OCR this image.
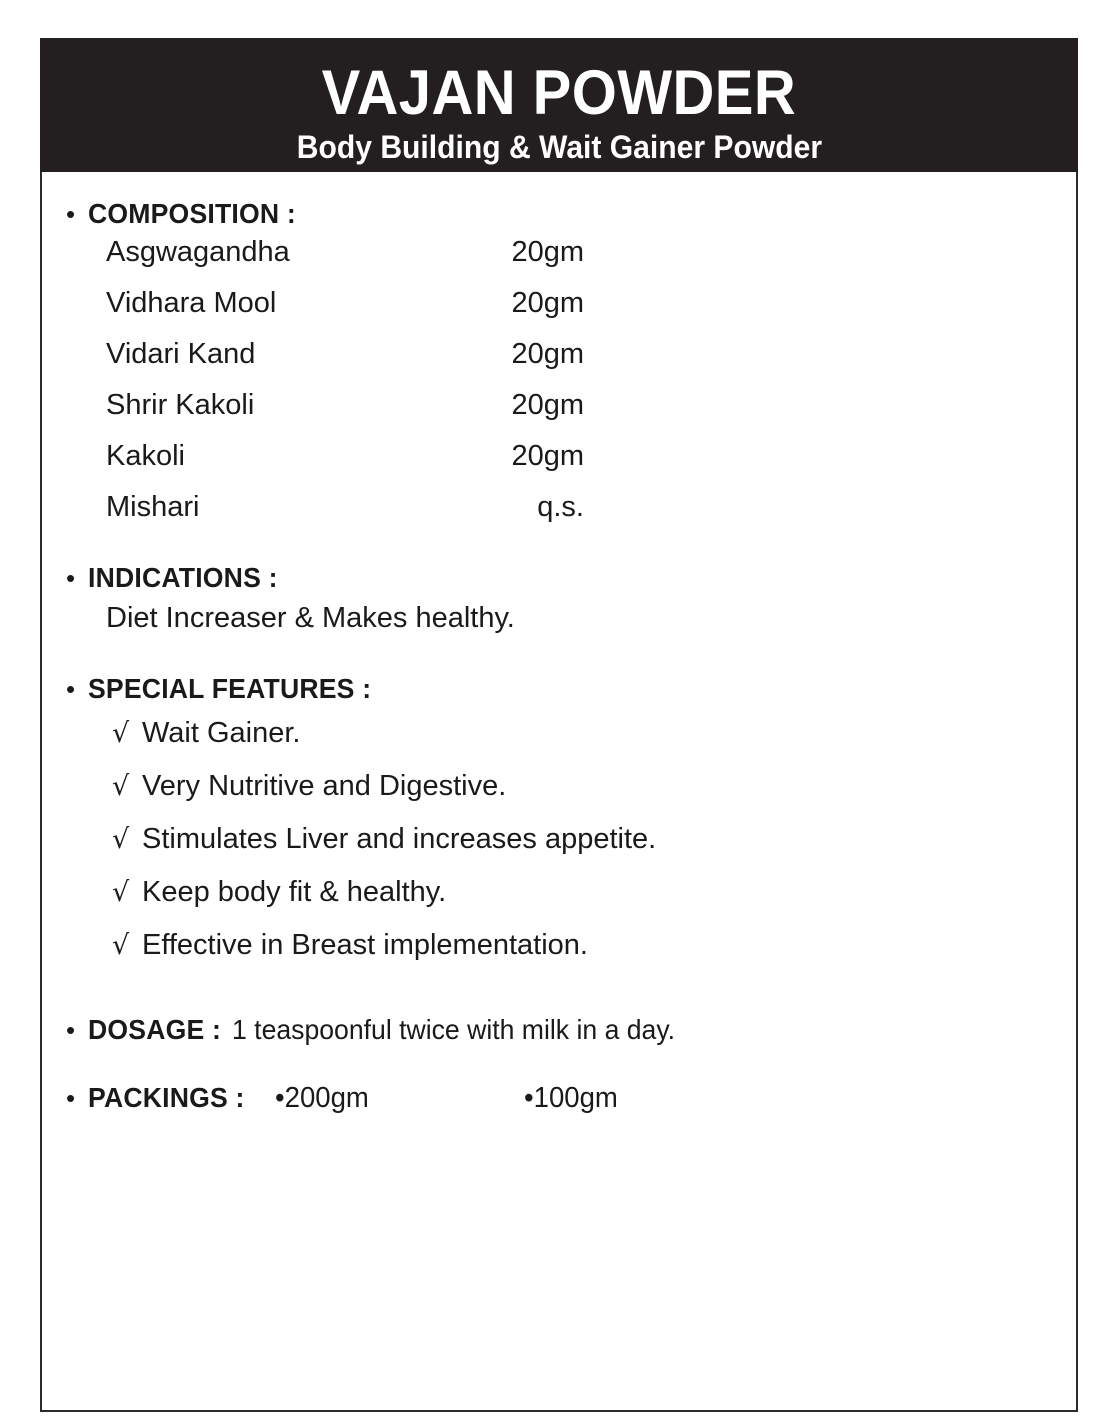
VAJAN POWDER
Body Building & Wait Gainer Powder
• COMPOSITION :
Asgwagandha	20gm
Vidhara Mool	20gm
Vidari Kand	20gm
Shrir Kakoli	20gm
Kakoli	20gm
Mishari	q.s.
• INDICATIONS :
Diet Increaser & Makes healthy.
• SPECIAL FEATURES :
√ Wait Gainer.
√ Very Nutritive and Digestive.
√ Stimulates Liver and increases appetite.
√ Keep body fit & healthy.
√ Effective in Breast implementation.
• DOSAGE : 1 teaspoonful twice with milk in a day.
• PACKINGS : •200gm	•100gm
